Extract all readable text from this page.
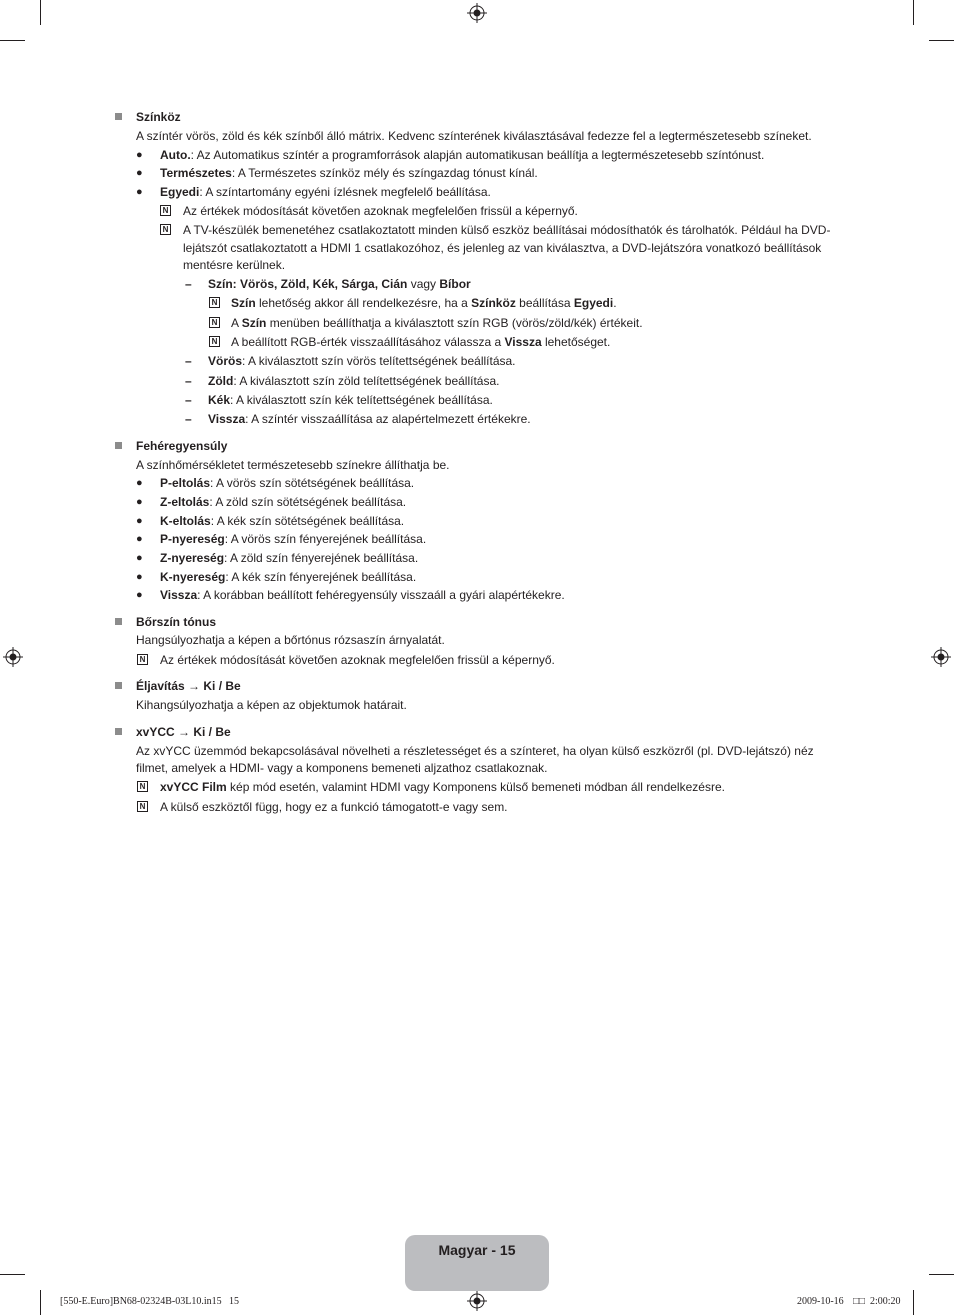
Színköz
A színtér vörös, zöld és kék színből álló mátrix. Kedvenc színterének kiválasztásával fedezze fel a legtermészetesebb színeket.
● Auto.: Az Automatikus színtér a programforrások alapján automatikusan beállítja a legtermészetesebb színtónust.
● Természetes: A Természetes színköz mély és színgazdag tónust kínál.
● Egyedi: A színtartomány egyéni ízlésnek megfelelő beállítása.
N Az értékek módosítását követően azoknak megfelelően frissül a képernyő.
N A TV-készülék bemenetéhez csatlakoztatott minden külső eszköz beállításai módosíthatók és tárolhatók. Például ha DVD-
lejátszót csatlakoztatott a HDMI 1 csatlakozóhoz, és jelenleg az van kiválasztva, a DVD-lejátszóra vonatkozó beállítások
mentésre kerülnek.
– Szín: Vörös, Zöld, Kék, Sárga, Cián vagy Bíbor
N Szín lehetőség akkor áll rendelkezésre, ha a Színköz beállítása Egyedi.
N A Szín menüben beállíthatja a kiválasztott szín RGB (vörös/zöld/kék) értékeit.
N A beállított RGB-érték visszaállításához válassza a Vissza lehetőséget.
– Vörös: A kiválasztott szín vörös telítettségének beállítása.
– Zöld: A kiválasztott szín zöld telítettségének beállítása.
– Kék: A kiválasztott szín kék telítettségének beállítása.
– Vissza: A színtér visszaállítása az alapértelmezett értékekre.
Fehéregyensúly
A színhőmérsékletet természetesebb színekre állíthatja be.
● P-eltolás: A vörös szín sötétségének beállítása.
● Z-eltolás: A zöld szín sötétségének beállítása.
● K-eltolás: A kék szín sötétségének beállítása.
● P-nyereség: A vörös szín fényerejének beállítása.
● Z-nyereség: A zöld szín fényerejének beállítása.
● K-nyereség: A kék szín fényerejének beállítása.
● Vissza: A korábban beállított fehéregyensúly visszaáll a gyári alapértékekre.
Bőrszín tónus
Hangsúlyozhatja a képen a bőrtónus rózsaszín árnyalatát.
N Az értékek módosítását követően azoknak megfelelően frissül a képernyő.
Éljavítás → Ki / Be
Kihangsúlyozhatja a képen az objektumok határait.
xvYCC → Ki / Be
Az xvYCC üzemmód bekapcsolásával növelheti a részletességet és a színteret, ha olyan külső eszközről (pl. DVD-lejátszó) néz
filmet, amelyek a HDMI- vagy a komponens bemeneti aljzathoz csatlakoznak.
N xvYCC Film kép mód esetén, valamint HDMI vagy Komponens külső bemeneti módban áll rendelkezésre.
N A külső eszköztől függ, hogy ez a funkció támogatott-e vagy sem.
Magyar - 15
[550-E.Euro]BN68-02324B-03L10.in15 15	2009-10-16 □□ 2:00:20
